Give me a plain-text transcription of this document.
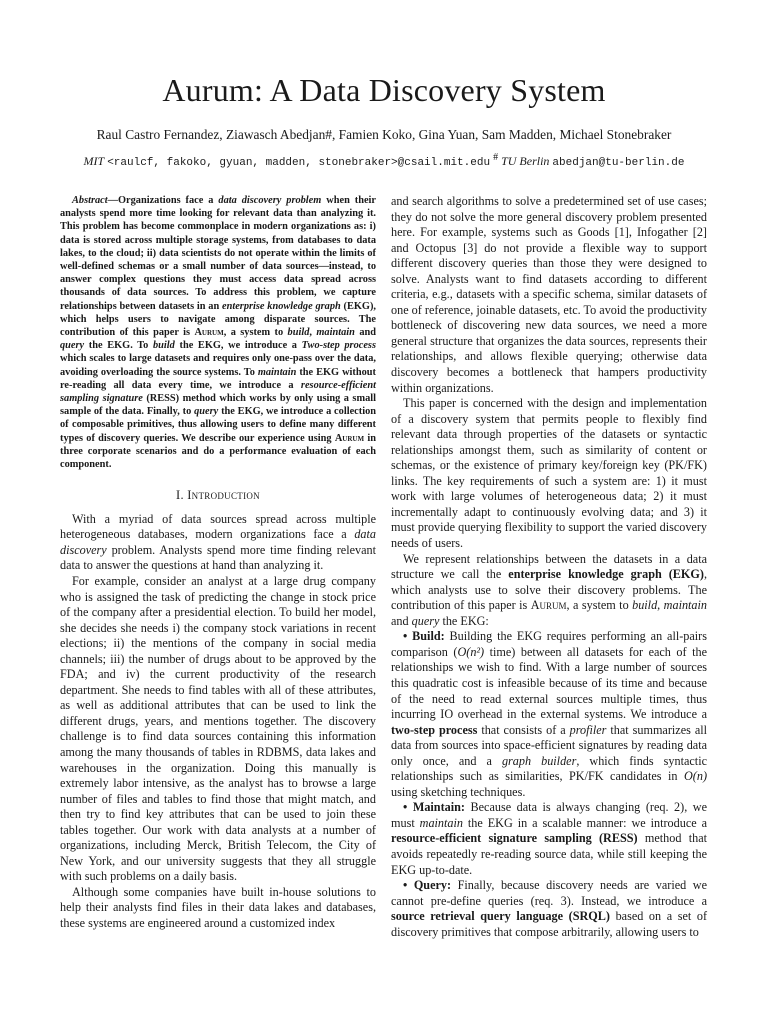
Aurum: A Data Discovery System
Raul Castro Fernandez, Ziawasch Abedjan#, Famien Koko, Gina Yuan, Sam Madden, Michael Stonebraker
MIT <raulcf, fakoko, gyuan, madden, stonebraker>@csail.mit.edu # TU Berlin abedjan@tu-berlin.de
Abstract—Organizations face a data discovery problem when their analysts spend more time looking for relevant data than analyzing it. This problem has become commonplace in modern organizations as: i) data is stored across multiple storage systems, from databases to data lakes, to the cloud; ii) data scientists do not operate within the limits of well-defined schemas or a small number of data sources—instead, to answer complex questions they must access data spread across thousands of data sources. To address this problem, we capture relationships between datasets in an enterprise knowledge graph (EKG), which helps users to navigate among disparate sources. The contribution of this paper is Aurum, a system to build, maintain and query the EKG. To build the EKG, we introduce a Two-step process which scales to large datasets and requires only one-pass over the data, avoiding overloading the source systems. To maintain the EKG without re-reading all data every time, we introduce a resource-efficient sampling signature (RESS) method which works by only using a small sample of the data. Finally, to query the EKG, we introduce a collection of composable primitives, thus allowing users to define many different types of discovery queries. We describe our experience using Aurum in three corporate scenarios and do a performance evaluation of each component.
I. Introduction

With a myriad of data sources spread across multiple heterogeneous databases, modern organizations face a data discovery problem. Analysts spend more time finding relevant data to answer the questions at hand than analyzing it.

For example, consider an analyst at a large drug company who is assigned the task of predicting the change in stock price of the company after a presidential election. To build her model, she decides she needs i) the company stock variations in recent elections; ii) the mentions of the company in social media channels; iii) the number of drugs about to be approved by the FDA; and iv) the current productivity of the research department. She needs to find tables with all of these attributes, as well as additional attributes that can be used to link the different drugs, years, and mentions together. The discovery challenge is to find data sources containing this information among the many thousands of tables in RDBMS, data lakes and warehouses in the organization. Doing this manually is extremely labor intensive, as the analyst has to browse a large number of files and tables to find those that might match, and then try to find key attributes that can be used to join these tables together. Our work with data analysts at a number of organizations, including Merck, British Telecom, the City of New York, and our university suggests that they all struggle with such problems on a daily basis.

Although some companies have built in-house solutions to help their analysts find files in their data lakes and databases, these systems are engineered around a customized index

and search algorithms to solve a predetermined set of use cases; they do not solve the more general discovery problem presented here. For example, systems such as Goods [1], Infogather [2] and Octopus [3] do not provide a flexible way to support different discovery queries than those they were designed to solve. Analysts want to find datasets according to different criteria, e.g., datasets with a specific schema, similar datasets of one of reference, joinable datasets, etc. To avoid the productivity bottleneck of discovering new data sources, we need a more general structure that organizes the data sources, represents their relationships, and allows flexible querying; otherwise data discovery becomes a bottleneck that hampers productivity within organizations.

This paper is concerned with the design and implementation of a discovery system that permits people to flexibly find relevant data through properties of the datasets or syntactic relationships amongst them, such as similarity of content or schemas, or the existence of primary key/foreign key (PK/FK) links. The key requirements of such a system are: 1) it must work with large volumes of heterogeneous data; 2) it must incrementally adapt to continuously evolving data; and 3) it must provide querying flexibility to support the varied discovery needs of users.

We represent relationships between the datasets in a data structure we call the enterprise knowledge graph (EKG), which analysts use to solve their discovery problems. The contribution of this paper is Aurum, a system to build, maintain and query the EKG:

• Build: Building the EKG requires performing an all-pairs comparison (O(n²) time) between all datasets for each of the relationships we wish to find. With a large number of sources this quadratic cost is infeasible because of its time and because of the need to read external sources multiple times, thus incurring IO overhead in the external systems. We introduce a two-step process that consists of a profiler that summarizes all data from sources into space-efficient signatures by reading data only once, and a graph builder, which finds syntactic relationships such as similarities, PK/FK candidates in O(n) using sketching techniques.

• Maintain: Because data is always changing (req. 2), we must maintain the EKG in a scalable manner: we introduce a resource-efficient signature sampling (RESS) method that avoids repeatedly re-reading source data, while still keeping the EKG up-to-date.

• Query: Finally, because discovery needs are varied we cannot pre-define queries (req. 3). Instead, we introduce a source retrieval query language (SRQL) based on a set of discovery primitives that compose arbitrarily, allowing users to
